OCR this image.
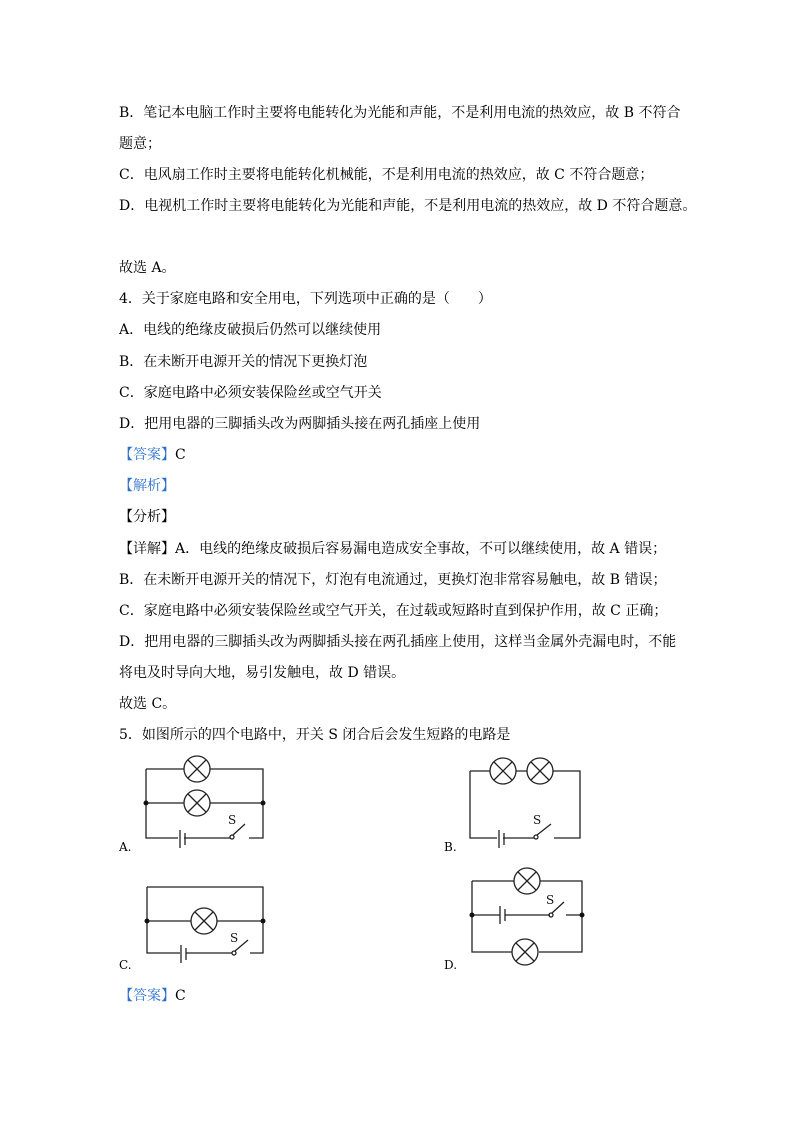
B．笔记本电脑工作时主要将电能转化为光能和声能，不是利用电流的热效应，故 B 不符合
题意；
C．电风扇工作时主要将电能转化机械能，不是利用电流的热效应，故 C 不符合题意；
D．电视机工作时主要将电能转化为光能和声能，不是利用电流的热效应，故 D 不符合题意。
故选 A。
4．关于家庭电路和安全用电，下列选项中正确的是（　　）
A．电线的绝缘皮破损后仍然可以继续使用
B．在未断开电源开关的情况下更换灯泡
C．家庭电路中必须安装保险丝或空气开关
D．把用电器的三脚插头改为两脚插头接在两孔插座上使用
【答案】C
【解析】
【分析】
【详解】A．电线的绝缘皮破损后容易漏电造成安全事故，不可以继续使用，故 A 错误；
B．在未断开电源开关的情况下，灯泡有电流通过，更换灯泡非常容易触电，故 B 错误；
C．家庭电路中必须安装保险丝或空气开关，在过载或短路时直到保护作用，故 C 正确；
D．把用电器的三脚插头改为两脚插头接在两孔插座上使用，这样当金属外壳漏电时，不能
将电及时导向大地，易引发触电，故 D 错误。
故选 C。
5．如图所示的四个电路中，开关 S 闭合后会发生短路的电路是
S	S
S
S
A.	B.
C.	D.
【答案】C
